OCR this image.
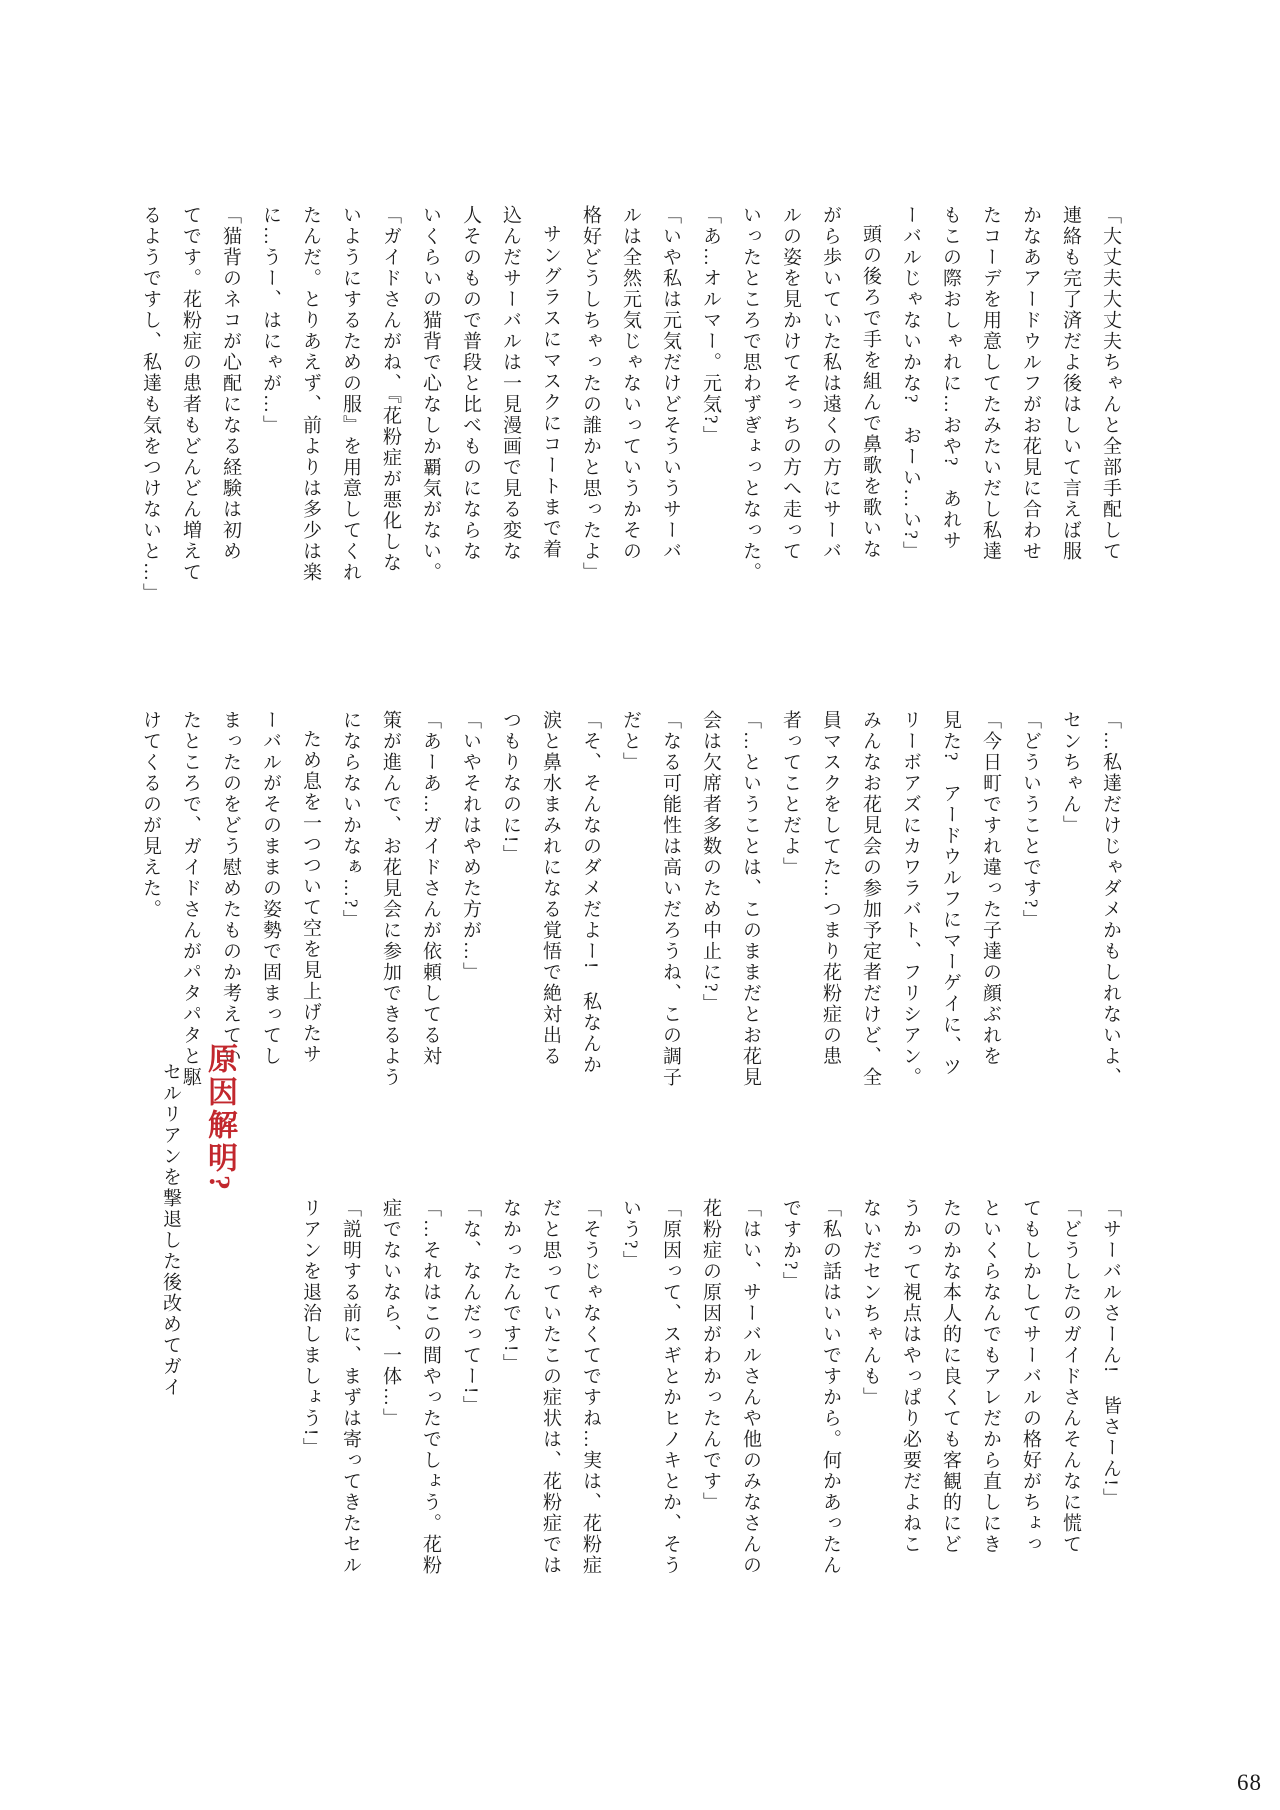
「大丈夫大丈夫ちゃんと全部手配して

連絡も完了済だよ後はしいて言えば服

かなあアードウルフがお花見に合わせ

たコーデを用意してたみたいだし私達

もこの際おしゃれに…おや?　あれサ

ーバルじゃないかな?　おーい…い?」

頭の後ろで手を組んで鼻歌を歌いな

がら歩いていた私は遠くの方にサーバ

ルの姿を見かけてそっちの方へ走って

いったところで思わずぎょっとなった。

「あ…オルマー。元気?」

「いや私は元気だけどそういうサーバ

ルは全然元気じゃないっていうかその

格好どうしちゃったの誰かと思ったよ」

サングラスにマスクにコートまで着

込んだサーバルは一見漫画で見る変な

人そのもので普段と比べものにならな

いくらいの猫背で心なしか覇気がない。

「ガイドさんがね、『花粉症が悪化しな

いようにするための服』を用意してくれ

たんだ。とりあえず、前よりは多少は楽

に…うー、はにゃが…」

「猫背のネコが心配になる経験は初め

てです。花粉症の患者もどんどん増えて

るようですし、私達も気をつけないと…」

「…私達だけじゃダメかもしれないよ、

センちゃん」

「どういうことです?」

「今日町ですれ違った子達の顔ぶれを

見た?　アードウルフにマーゲイに、ツ

リーボアズにカワラバト、フリシアン。

みんなお花見会の参加予定者だけど、全

員マスクをしてた…つまり花粉症の患

者ってことだよ」

「…ということは、このままだとお花見

会は欠席者多数のため中止に?」

「なる可能性は高いだろうね、この調子

だと」

「そ、そんなのダメだよー!　私なんか

涙と鼻水まみれになる覚悟で絶対出る

つもりなのに!」

「いやそれはやめた方が…」

「あーあ…ガイドさんが依頼してる対

策が進んで、お花見会に参加できるよう

にならないかなぁ…?」

ため息を一つついて空を見上げたサ

ーバルがそのままの姿勢で固まってし

まったのをどう慰めたものか考えてい

たところで、ガイドさんがパタパタと駆

けてくるのが見えた。

「サーバルさーん!　皆さーん!」

「どうしたのガイドさんそんなに慌て

てもしかしてサーバルの格好がちょっ

といくらなんでもアレだから直しにき

たのかな本人的に良くても客観的にど

うかって視点はやっぱり必要だよねこ

ないだセンちゃんも」

「私の話はいいですから。何かあったん

ですか?」

「はい、サーバルさんや他のみなさんの

花粉症の原因がわかったんです」

「原因って、スギとかヒノキとか、そう

いう?」

「そうじゃなくてですね…実は、花粉症

だと思っていたこの症状は、花粉症では

なかったんです!」

「な、なんだってー!」

「…それはこの間やったでしょう。花粉

症でないなら、一体…」

「説明する前に、まずは寄ってきたセル

リアンを退治しましょう!」

原因解明?

セルリアンを撃退した後改めてガイ

68
